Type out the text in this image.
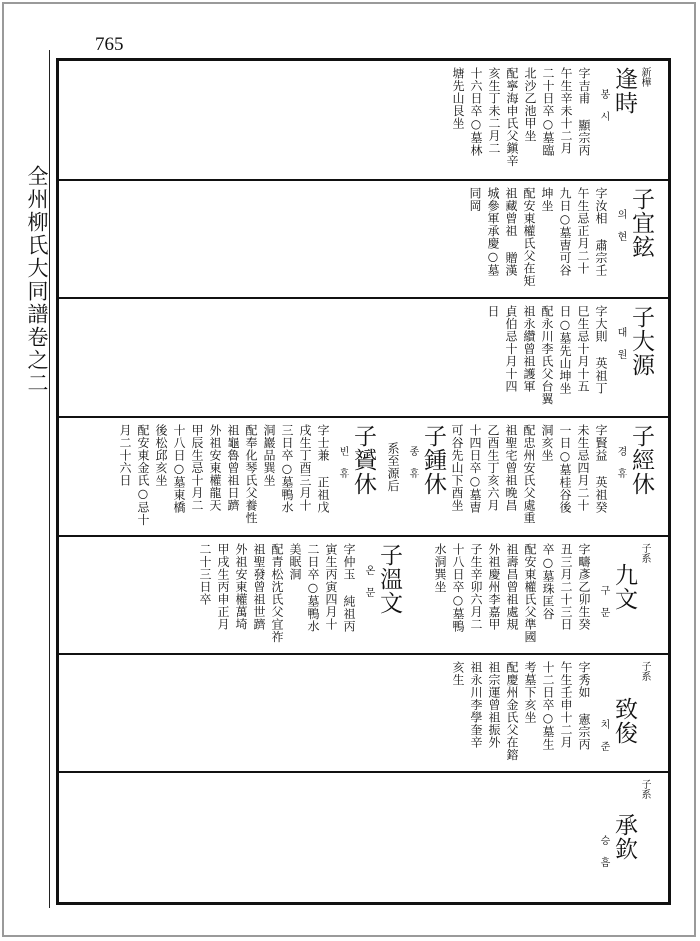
765
全州柳氏大同譜卷之二
新樺
逢時
봉시
字吉甫 顯宗丙
午生辛未十二月
二十日卒○墓臨
北沙乙池甲坐
配寧海申氏父鎭辛
亥生丁未二月二
十六日卒○墓林
塘先山艮坐
子宜鉉
의현
字汝相 肅宗壬
午生忌正月二十
九日○墓曺可谷
坤坐
配安東權氏父在矩
祖藏曾祖 贈漢
城參軍承慶○墓
同岡
子大源
대원
字大則 英祖丁
巳生忌十月十五
日○墓先山坤坐
配永川李氏父台翼
祖永纘曾祖護軍
貞伯忌十月十四
日
子經休
경휴
字賢益 英祖癸
未生忌四月二十
一日○墓桂谷後
洞亥坐
配忠州安氏父處重
祖聖宅曾祖晚昌
乙酉生丁亥六月
十四日卒○墓曺
可谷先山下酉坐
子鍾休
종휴
系至源后
子贇休
빈휴
字士兼 正祖戊
戌生丁酉三月十
三日卒○墓鴨水
洞巖品巽坐
配奉化琴氏父養性
祖龜魯曾祖日躋
外祖安東權龍天
甲辰生忌十月二
十八日○墓東橋
後松邱亥坐
配安東金氏○忌十
月二十六日
子系
九文
구문
字疇彥乙卯生癸
丑三月二十三日
卒○墓珠匡谷
配安東權氏父準國
祖壽昌曾祖處規
外祖慶州李嘉甲
子生辛卯六月二
十八日卒○墓鴨
水洞巽坐
子溫文
온문
字仲玉 純祖丙
寅生丙寅四月十
二日卒○墓鴨水
美眠洞
配青松沈氏父宜祚
祖聖發曾祖世躋
外祖安東權萬埼
甲戌生丙申正月
二十三日卒
子系
致俊
치준
字秀如 憲宗丙
午生壬申十二月
十二日卒○墓生
考墓下亥坐
配慶州金氏父在鎔
祖宗運曾祖振外
祖永川李學奎辛
亥生
子系
承欽
승흠
